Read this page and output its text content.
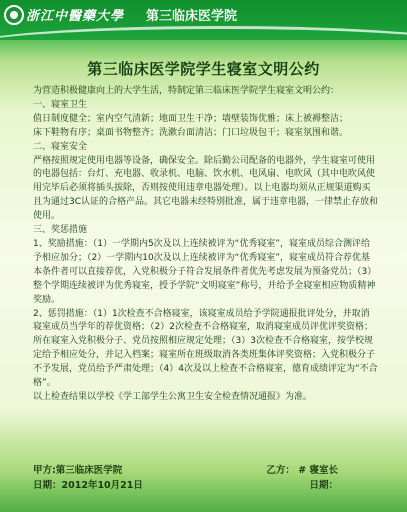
浙江中醫藥大學 第三临床医学院
第三临床医学院学生寝室文明公约

为营造积极健康向上的大学生活，特制定第三临床医学院学生寝室文明公约：

一、寝室卫生

值日制度健全；室内空气清新；地面卫生干净；墙壁装饰优雅；床上被褥整洁；

床下鞋物有序；桌面书物整齐；洗漱台面清洁；门口垃圾包干；寝室氛围和谐。

二、寝室安全

严格按照规定使用电器等设备，确保安全。除后勤公司配备的电器外，学生寝室可使用的电器包括：台灯、充电器、收录机、电脑、饮水机、电风扇、电吹风（其中电吹风使用完毕后必须将插头拔除，否则按使用违章电器处理）。以上电器均须从正规渠道购买且为通过3C认证的合格产品。其它电器未经特别批准，属于违章电器，一律禁止存放和使用。

三、奖惩措施

1、奖励措施：（1）一学期内5次及以上连续被评为“优秀寝室”，寝室成员综合测评给予相应加分；（2）一学期内10次及以上连续被评为“优秀寝室”，寝室成员符合荐优基本条件者可以直接荐优，入党积极分子符合发展条件者优先考虑发展为预备党员；（3）整个学期连续被评为优秀寝室，授予学院“文明寝室”称号，并给予全寝室相应物质精神奖励。

2、惩罚措施：（1）1次检查不合格寝室，该寝室成员给予学院通报批评处分，并取消寝室成员当学年的荐优资格；（2）2次检查不合格寝室，取消寝室成员评优评奖资格；所在寝室入党积极分子、党员按照相应规定处理；（3）3次检查不合格寝室，按学校规定给予相应处分，并记入档案；寝室所在班级取消各类班集体评奖资格；入党积极分子不予发展，党员给予严肃处理；（4）4次及以上检查不合格寝室，德育成绩评定为“不合格”。

以上检查结果以学校《学工部学生公寓卫生安全检查情况通报》为准。

甲方:第三临床医学院	乙方： # 寝室长
日期：2012年10月21日	日期：
